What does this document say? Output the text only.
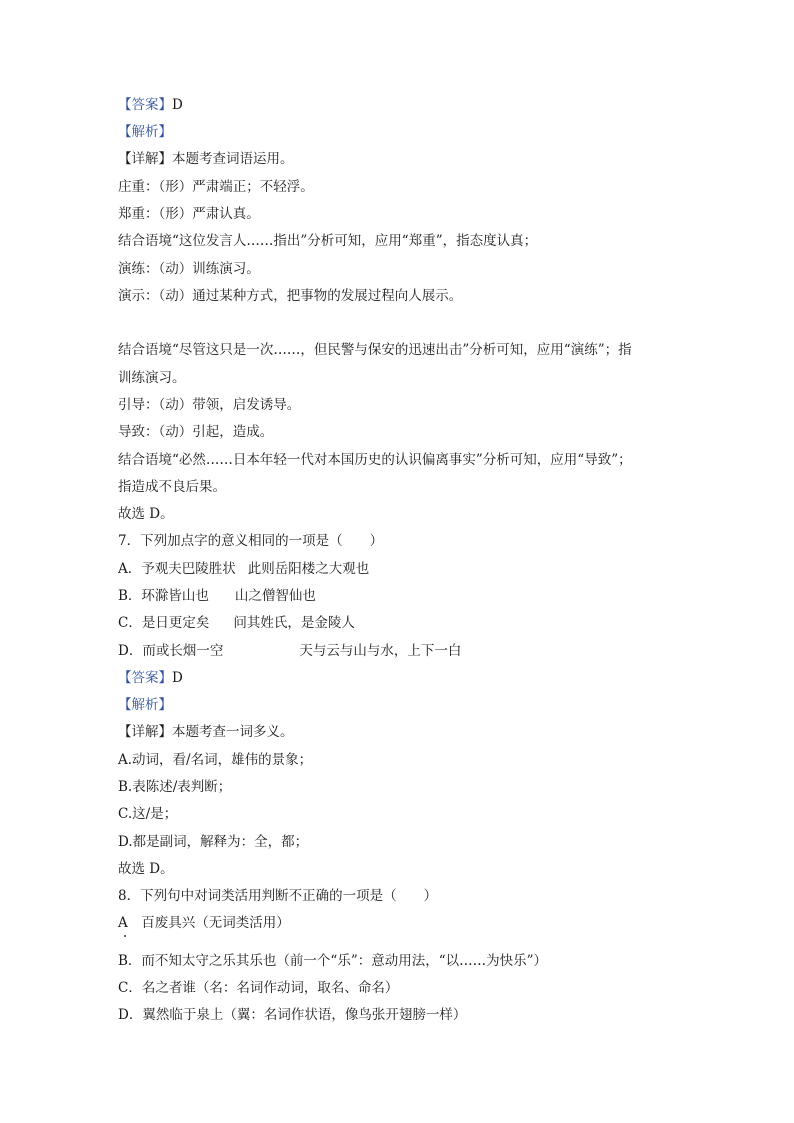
【答案】D
【解析】
【详解】本题考查词语运用。
庄重：（形）严肃端正；不轻浮。
郑重：（形）严肃认真。
结合语境“这位发言人……指出”分析可知，应用“郑重”，指态度认真；
演练：（动）训练演习。
演示：（动）通过某种方式，把事物的发展过程向人展示。
结合语境“尽管这只是一次……，但民警与保安的迅速出击”分析可知，应用“演练”；指
训练演习。
引导：（动）带领，启发诱导。
导致：（动）引起，造成。
结合语境“必然……日本年轻一代对本国历史的认识偏离事实”分析可知，应用“导致”；
指造成不良后果。
故选 D。
7．下列加点字的意义相同的一项是（　　）
A．予观夫巴陵胜状 此则岳阳楼之大观也
B．环滁皆山也 山之僧智仙也
C．是日更定矣 问其姓氏，是金陵人
D．而或长烟一空	天与云与山与水，上下一白
【答案】D
【解析】
【详解】本题考查一词多义。
A.动词，看/名词，雄伟的景象；
B.表陈述/表判断；
C.这/是；
D.都是副词，解释为：全，都；
故选 D。
8．下列句中对词类活用判断不正确的一项是（　　）
A　百废具兴（无词类活用）
B．而不知太守之乐其乐也（前一个“乐”：意动用法，“以……为快乐”）
C．名之者谁（名：名词作动词，取名、命名）
D．翼然临于泉上（翼：名词作状语，像鸟张开翅膀一样）
